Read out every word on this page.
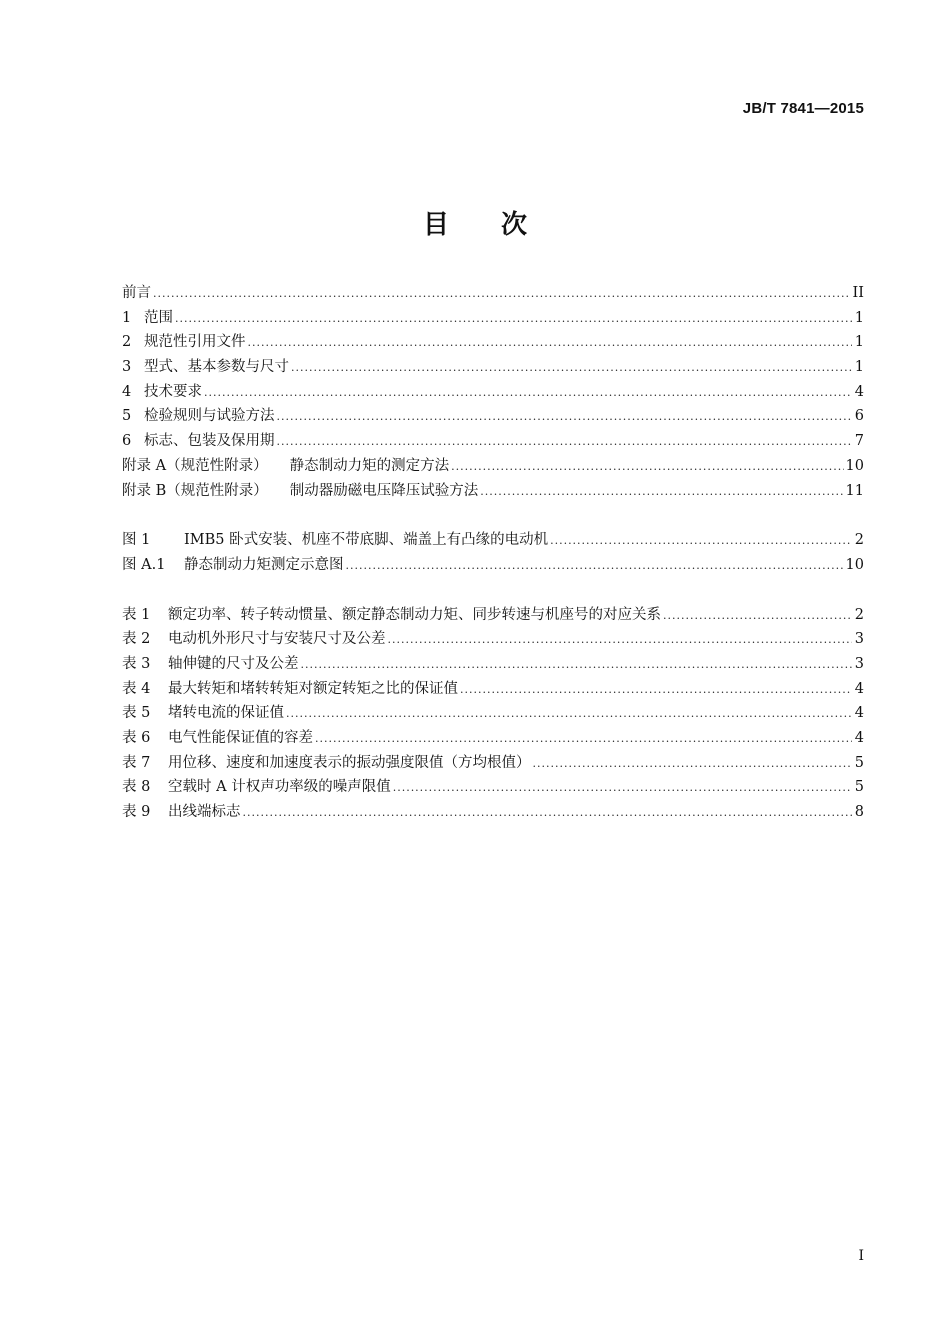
JB/T 7841—2015
目　　次
前言 .....	II
1 范围 .....	1
2 规范性引用文件 .....	1
3 型式、基本参数与尺寸 .....	1
4 技术要求 .....	4
5 检验规则与试验方法 .....	6
6 标志、包装及保用期 .....	7
附录 A（规范性附录） 静态制动力矩的测定方法 .....	10
附录 B（规范性附录） 制动器励磁电压降压试验方法 .....	11
图 1 IMB5 卧式安装、机座不带底脚、端盖上有凸缘的电动机 .....	2
图 A.1 静态制动力矩测定示意图 .....	10
表 1 额定功率、转子转动惯量、额定静态制动力矩、同步转速与机座号的对应关系 .....	2
表 2 电动机外形尺寸与安装尺寸及公差 .....	3
表 3 轴伸键的尺寸及公差 .....	3
表 4 最大转矩和堵转转矩对额定转矩之比的保证值 .....	4
表 5 堵转电流的保证值 .....	4
表 6 电气性能保证值的容差 .....	4
表 7 用位移、速度和加速度表示的振动强度限值（方均根值） .....	5
表 8 空载时 A 计权声功率级的噪声限值 .....	5
表 9 出线端标志 .....	8
I
